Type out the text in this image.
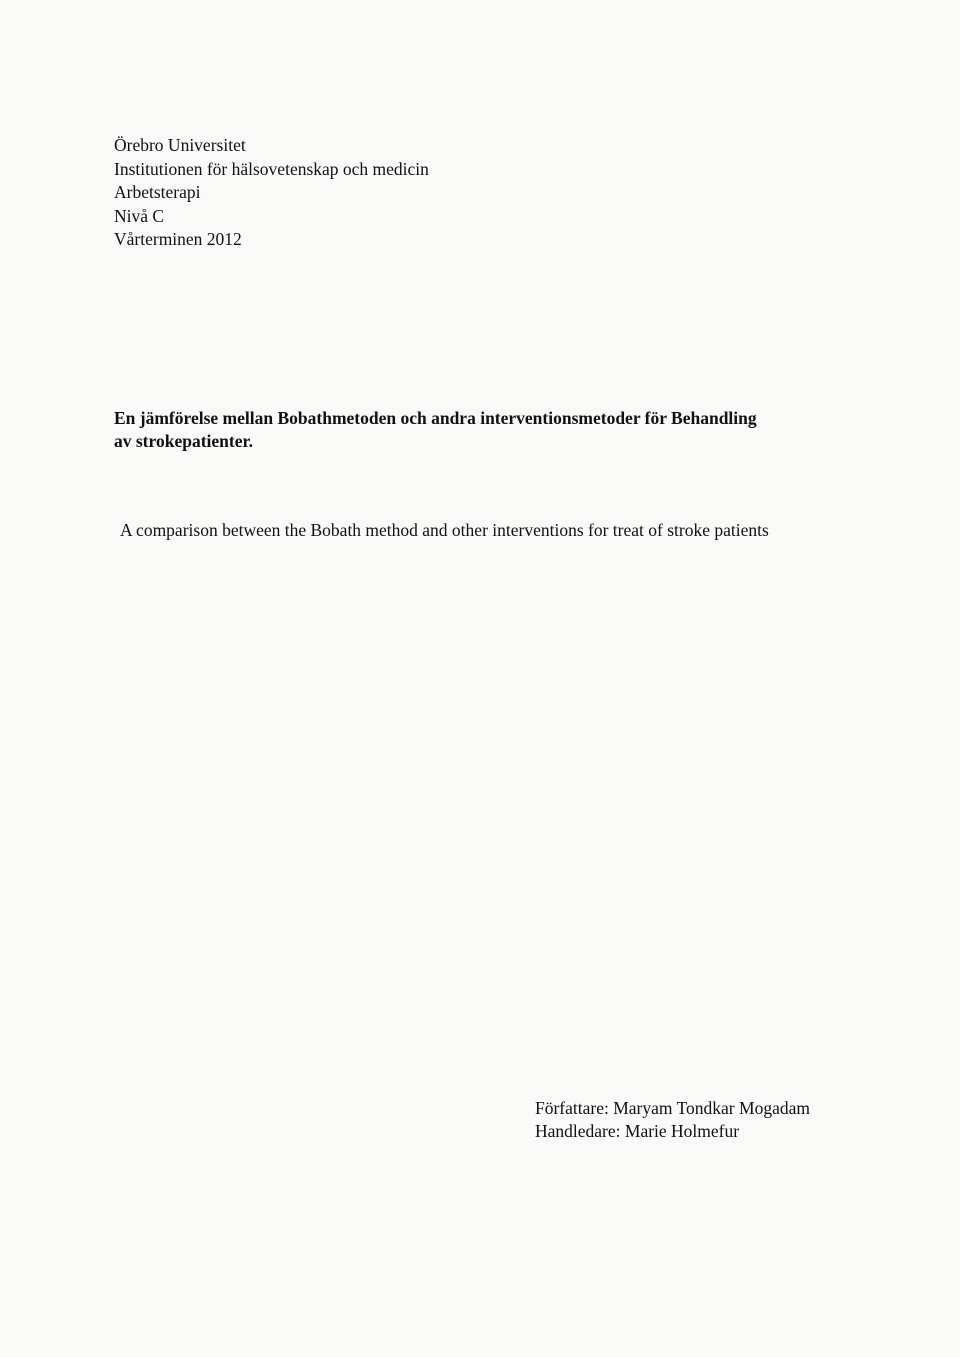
Örebro Universitet
Institutionen för hälsovetenskap och medicin
Arbetsterapi
Nivå C
Vårterminen 2012
En jämförelse mellan Bobathmetoden och andra interventionsmetoder för Behandling
av strokepatienter.
A comparison between the Bobath method and other interventions for treat of stroke patients
Författare: Maryam Tondkar Mogadam
Handledare: Marie Holmefur
